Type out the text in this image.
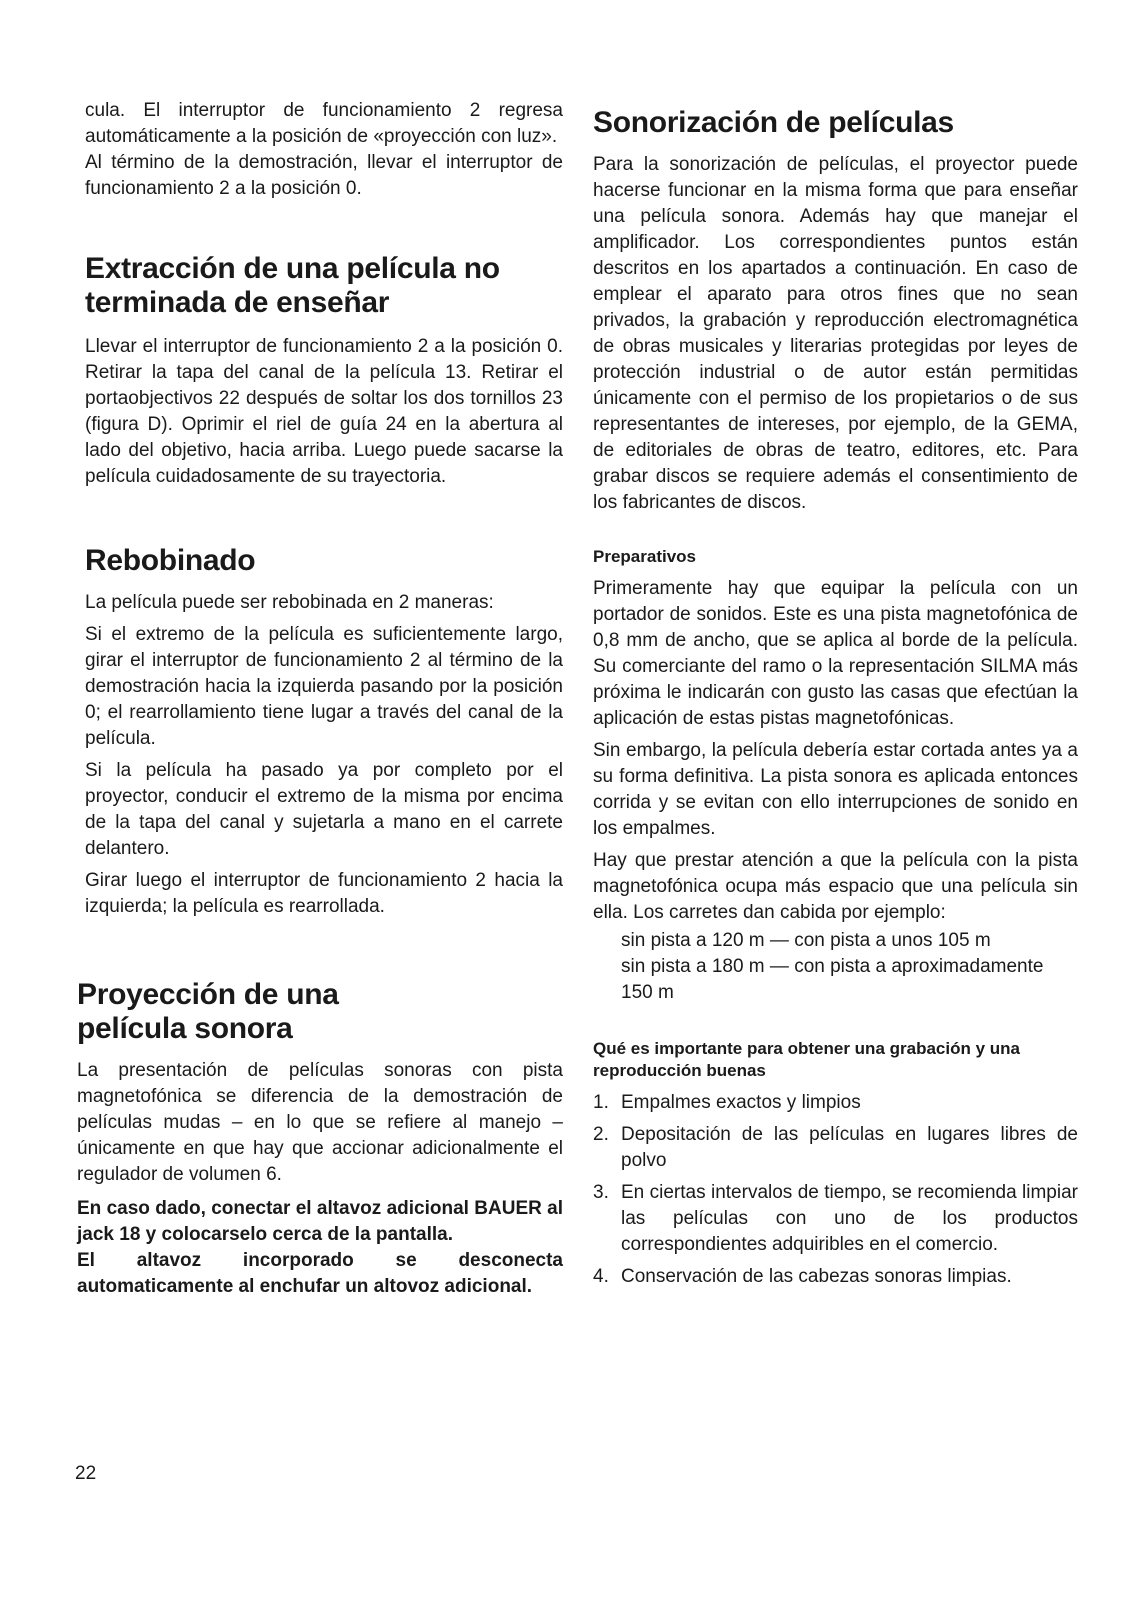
cula. El interruptor de funcionamiento 2 regresa automáticamente a la posición de «proyección con luz».
Al término de la demostración, llevar el interruptor de funcionamiento 2 a la posición 0.

Extracción de una película no terminada de enseñar

Llevar el interruptor de funcionamiento 2 a la posición 0. Retirar la tapa del canal de la película 13. Retirar el portaobjectivos 22 después de soltar los dos tornillos 23 (figura D). Oprimir el riel de guía 24 en la abertura al lado del objetivo, hacia arriba. Luego puede sacarse la película cuidadosamente de su trayectoria.

Rebobinado

La película puede ser rebobinada en 2 maneras:

Si el extremo de la película es suficientemente largo, girar el interruptor de funcionamiento 2 al término de la demostración hacia la izquierda pasando por la posición 0; el rearrollamiento tiene lugar a través del canal de la película.

Si la película ha pasado ya por completo por el proyector, conducir el extremo de la misma por encima de la tapa del canal y sujetarla a mano en el carrete delantero.

Girar luego el interruptor de funcionamiento 2 hacia la izquierda; la película es rearrollada.

Proyección de una película sonora

La presentación de películas sonoras con pista magnetofónica se diferencia de la demostración de películas mudas – en lo que se refiere al manejo – únicamente en que hay que accionar adicionalmente el regulador de volumen 6.

En caso dado, conectar el altavoz adicional BAUER al jack 18 y colocarselo cerca de la pantalla.
El altavoz incorporado se desconecta automaticamente al enchufar un altovoz adicional.

Sonorización de películas

Para la sonorización de películas, el proyector puede hacerse funcionar en la misma forma que para enseñar una película sonora. Además hay que manejar el amplificador. Los correspondientes puntos están descritos en los apartados a continuación. En caso de emplear el aparato para otros fines que no sean privados, la grabación y reproducción electromagnética de obras musicales y literarias protegidas por leyes de protección industrial o de autor están permitidas únicamente con el permiso de los propietarios o de sus representantes de intereses, por ejemplo, de la GEMA, de editoriales de obras de teatro, editores, etc. Para grabar discos se requiere además el consentimiento de los fabricantes de discos.

Preparativos

Primeramente hay que equipar la película con un portador de sonidos. Este es una pista magnetofónica de 0,8 mm de ancho, que se aplica al borde de la película. Su comerciante del ramo o la representación SILMA más próxima le indicarán con gusto las casas que efectúan la aplicación de estas pistas magnetofónicas.

Sin embargo, la película debería estar cortada antes ya a su forma definitiva. La pista sonora es aplicada entonces corrida y se evitan con ello interrupciones de sonido en los empalmes.

Hay que prestar atención a que la película con la pista magnetofónica ocupa más espacio que una película sin ella. Los carretes dan cabida por ejemplo:

sin pista a 120 m — con pista a unos 105 m

sin pista a 180 m — con pista a aproximadamente 150 m

Qué es importante para obtener una grabación y una reproducción buenas
1. Empalmes exactos y limpios
2. Depositación de las películas en lugares libres de polvo
3. En ciertas intervalos de tiempo, se recomienda limpiar las películas con uno de los productos correspondientes adquiribles en el comercio.
4. Conservación de las cabezas sonoras limpias.
22
